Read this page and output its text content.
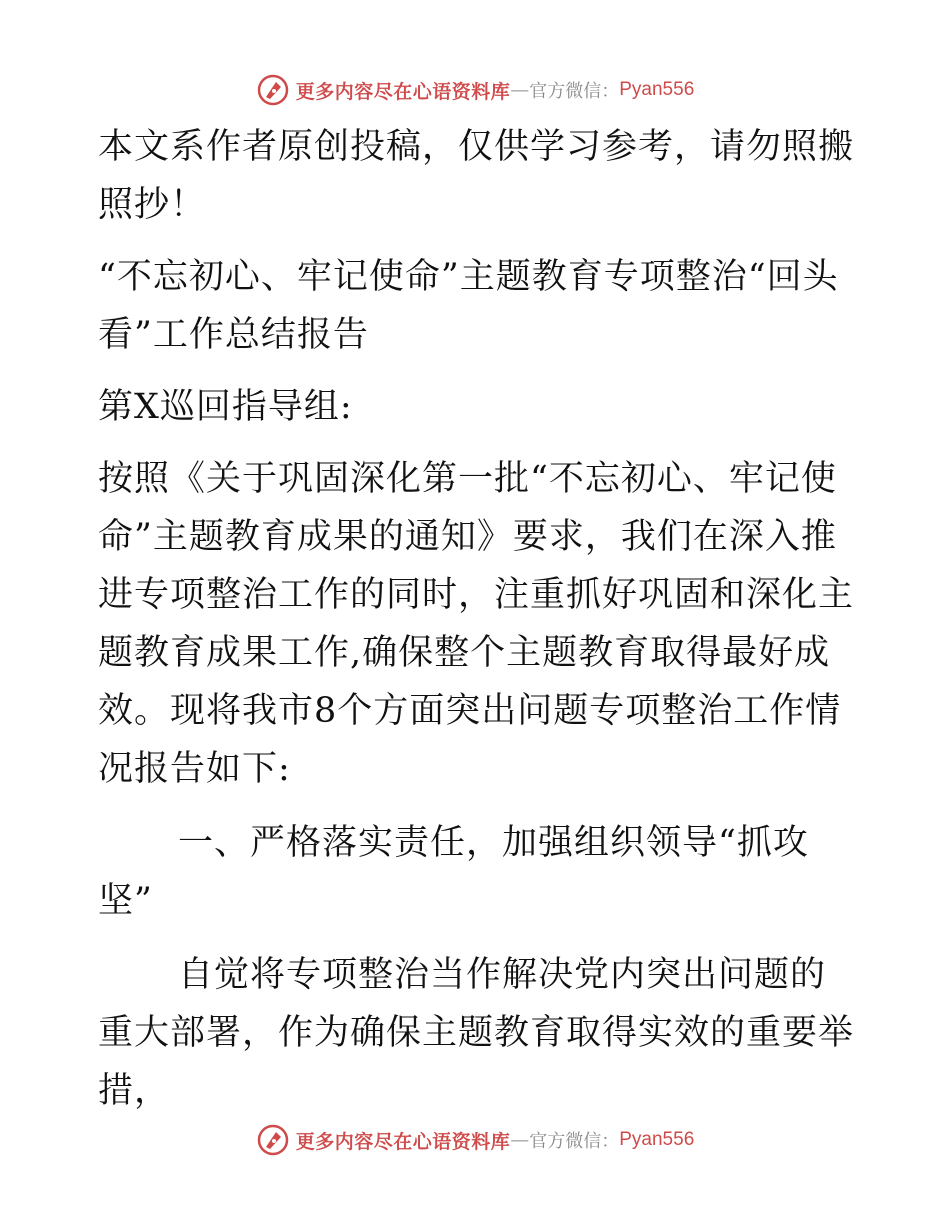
更多内容尽在心语资料库 — 官方微信： Pyan556

本文系作者原创投稿，仅供学习参考，请勿照搬照抄！

“不忘初心、牢记使命”主题教育专项整治“回头看”工作总结报告

第X巡回指导组:

按照《关于巩固深化第一批“不忘初心、牢记使命”主题教育成果的通知》要求，我们在深入推进专项整治工作的同时，注重抓好巩固和深化主题教育成果工作,确保整个主题教育取得最好成效。现将我市8个方面突出问题专项整治工作情况报告如下:

一、严格落实责任，加强组织领导“抓攻坚”

自觉将专项整治当作解决党内突出问题的重大部署，作为确保主题教育取得实效的重要举措，

更多内容尽在心语资料库 — 官方微信： Pyan556
